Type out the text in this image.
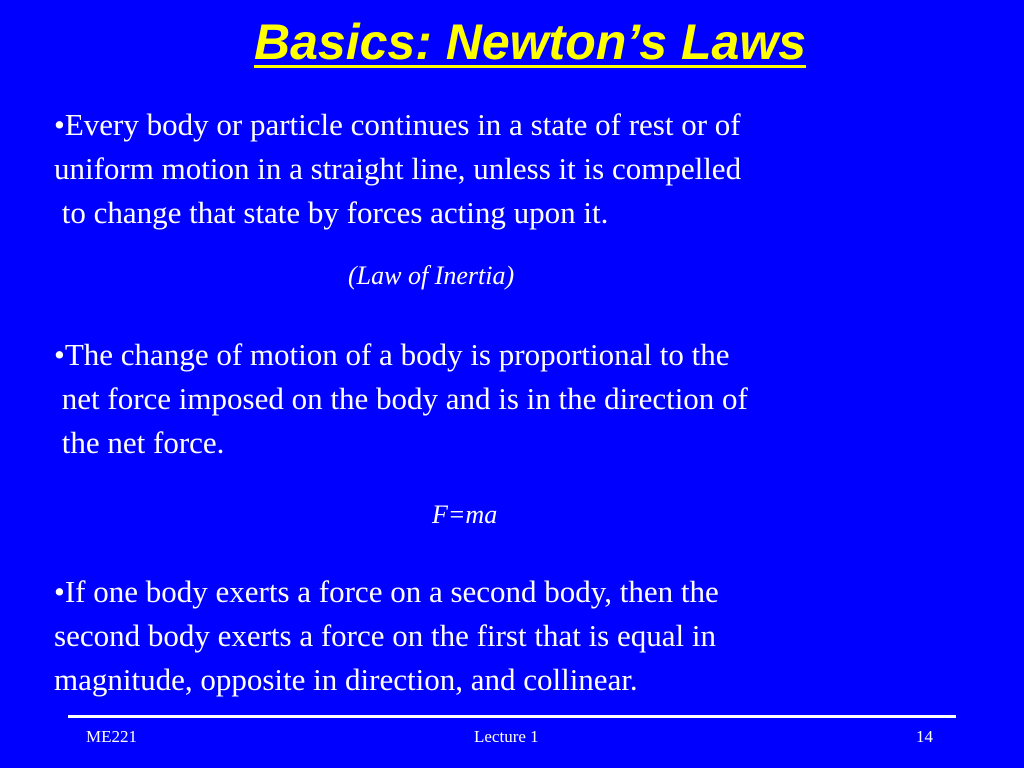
Basics: Newton’s Laws
•Every body or particle continues in a state of rest or of
uniform motion in a straight line, unless it is compelled
to change that state by forces acting upon it.
(Law of Inertia)
•The change of motion of a body is proportional to the
net force imposed on the body and is in the direction of
the net force.
F=ma
•If one body exerts a force on a second body, then the
second body exerts a force on the first that is equal in
magnitude, opposite in direction, and collinear.
ME221	Lecture 1	14
